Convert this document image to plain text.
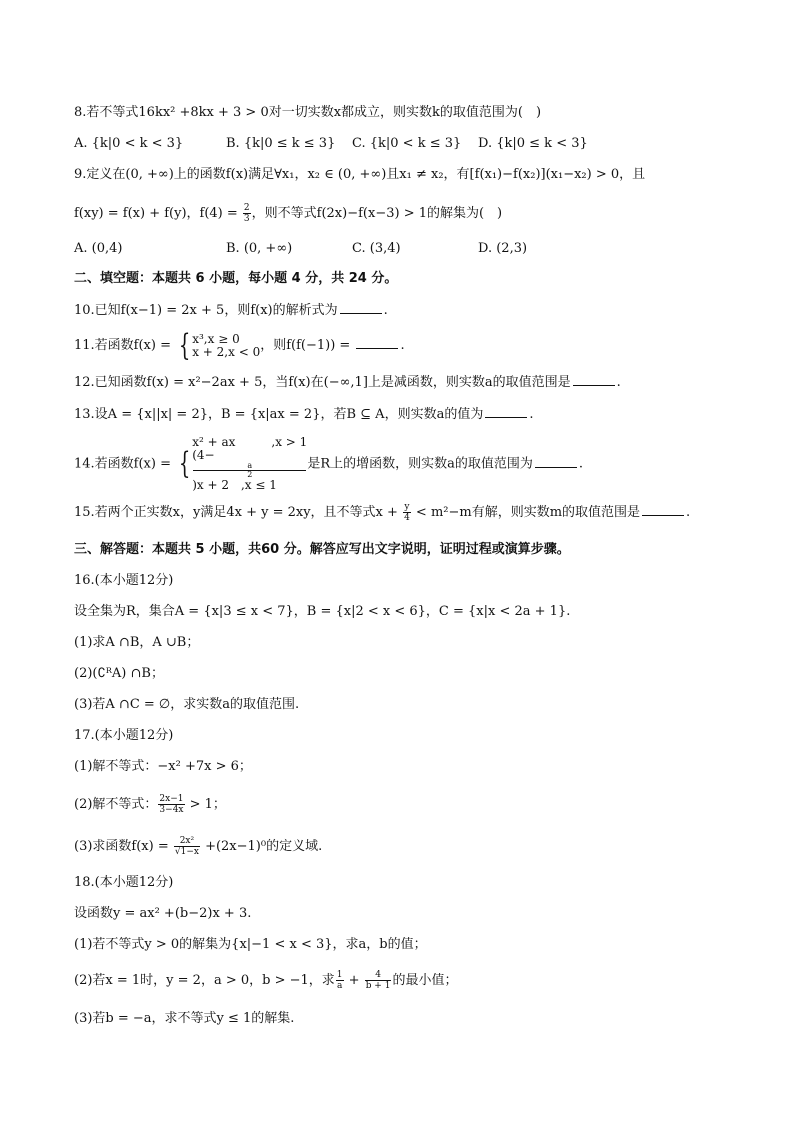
8.若不等式16kx² +8kx + 3 > 0对一切实数x都成立，则实数k的取值范围为(　)
A. {k|0 < k < 3}	B. {k|0 ≤ k ≤ 3} C. {k|0 < k ≤ 3} D. {k|0 ≤ k < 3}
9.定义在(0, +∞)上的函数f(x)满足∀x₁，x₂ ∈ (0, +∞)且x₁ ≠ x₂，有[f(x₁)−f(x₂)](x₁−x₂) > 0，且
f(xy) = f(x) + f(y)，$f(4) = \frac{2}{3}$ ，则不等式f(2x)−f(x−3) > 1的解集为(　)
A. (0,4)	B. (0, +∞)	C. (3,4)	D. (2,3)
二、填空题：本题共 6 小题，每小题 4 分，共 24 分。
10.已知f(x−1) = 2x + 5，则f(x)的解析式为	.
11.若函数f(x) = { x³,x ≥ 0
x + 2,x < 0 ，则f(f(−1)) =	.
12.已知函数f(x) = x²−2ax + 5，当f(x)在(−∞,1]上是减函数，则实数a的取值范围是	.
13.设A = {x||x| = 2}，B = {x|ax = 2}，若B ⊆ A，则实数a的值为	.
14.若函数f(x) = {
x² + ax　　　,x > 1
(4−
a
2
)x + 2　,x ≤ 1
是R上的增函数，则实数a的取值范围为	.
15.若两个正实数x，y满足4x + y = 2xy，且不等式$x + \frac{y}{4} < m^2-m$有解，则实数m的取值范围是	.
三、解答题：本题共 5 小题，共60 分。解答应写出文字说明，证明过程或演算步骤。
16.(本小题12分)
设全集为R，集合A = {x|3 ≤ x < 7}，B = {x|2 < x < 6}，C = {x|x < 2a + 1}.
(1)求A ∩B，A ∪B；
(2)(∁ᴿA) ∩B；
(3)若A ∩C = ∅，求实数a的取值范围.
17.(本小题12分)
(1)解不等式：−x² +7x > 6；
(2)解不等式： $\frac{2x-1}{3-4x} > 1$；
(3)求函数$f(x) = \frac{\text{2x²}}{√1-x} +(2x-1)^0$的定义域.
18.(本小题12分)
设函数y = ax² +(b−2)x + 3.
(1)若不等式y > 0的解集为{x|−1 < x < 3}，求a，b的值；
(2)若x = 1时，y = 2，a > 0，b > −1，求 $\frac{1}{a} + \frac{4}{b + 1}$ 的最小值；
(3)若b = −a，求不等式y ≤ 1的解集.
